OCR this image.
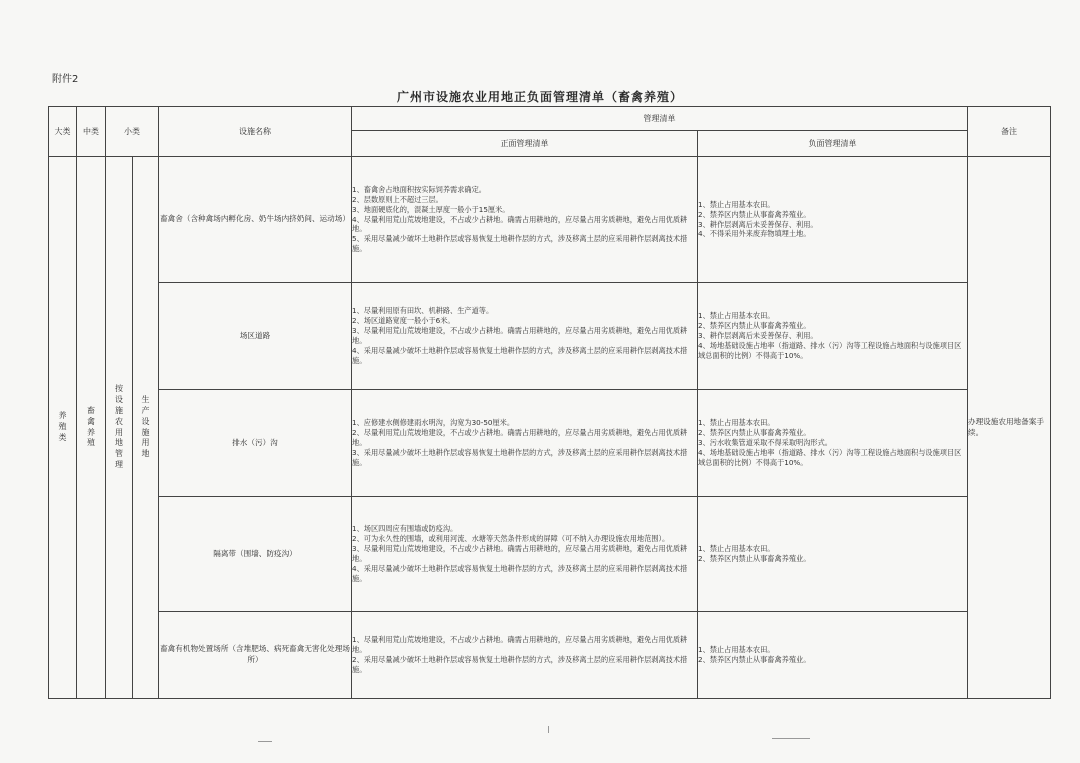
附件2
广州市设施农业用地正负面管理清单（畜禽养殖）
大类	中类	小类		设施名称	管理清单		备注
					正面管理清单	负面管理清单	
养殖类	畜禽养殖	按设施农用地管理	生产设施用地	畜禽舍（含种禽场内孵化房、奶牛场内挤奶间、运动场）	1、畜禽舍占地面积按实际饲养需求确定。
2、层数原则上不超过三层。
3、地面硬底化的，混凝土厚度一般小于15厘米。
4、尽量利用荒山荒坡地建设，不占或少占耕地。确需占用耕地的，应尽量占用劣质耕地，避免占用优质耕地。
5、采用尽量减少破坏土地耕作层或容易恢复土地耕作层的方式，涉及移离土层的应采用耕作层剥离技术措施。	1、禁止占用基本农田。
2、禁养区内禁止从事畜禽养殖业。
3、耕作层剥离后未妥善保存、利用。
4、不得采用外来废弃物填埋土地。	办理设施农用地备案手续。
				场区道路	1、尽量利用原有田坎、机耕路、生产道等。
2、场区道路宽度一般小于6米。
3、尽量利用荒山荒坡地建设，不占或少占耕地。确需占用耕地的，应尽量占用劣质耕地，避免占用优质耕地。
4、采用尽量减少破坏土地耕作层或容易恢复土地耕作层的方式，涉及移离土层的应采用耕作层剥离技术措施。	1、禁止占用基本农田。
2、禁养区内禁止从事畜禽养殖业。
3、耕作层剥离后未妥善保存、利用。
4、场地基础设施占地率（指道路、排水（污）沟等工程设施占地面积与设施项目区域总面积的比例）不得高于10%。	
				排水（污）沟	1、应修建水侧修建雨水明沟，沟宽为30-50厘米。
2、尽量利用荒山荒坡地建设，不占或少占耕地。确需占用耕地的，应尽量占用劣质耕地，避免占用优质耕地。
3、采用尽量减少破坏土地耕作层或容易恢复土地耕作层的方式，涉及移离土层的应采用耕作层剥离技术措施。	1、禁止占用基本农田。
2、禁养区内禁止从事畜禽养殖业。
3、污水收集管道采取不得采取明沟形式。
4、场地基础设施占地率（指道路、排水（污）沟等工程设施占地面积与设施项目区域总面积的比例）不得高于10%。	
				隔离带（围墙、防疫沟）	1、场区四周应有围墙或防疫沟。
2、可为永久性的围墙，或利用河流、水塘等天然条件形成的屏障（可不纳入办理设施农用地范围）。
3、尽量利用荒山荒坡地建设，不占或少占耕地。确需占用耕地的，应尽量占用劣质耕地，避免占用优质耕地。
4、采用尽量减少破坏土地耕作层或容易恢复土地耕作层的方式，涉及移离土层的应采用耕作层剥离技术措施。	1、禁止占用基本农田。
2、禁养区内禁止从事畜禽养殖业。	
				畜禽有机物处置场所（含堆肥场、病死畜禽无害化处理场所）	1、尽量利用荒山荒坡地建设，不占或少占耕地。确需占用耕地的，应尽量占用劣质耕地，避免占用优质耕地。
2、采用尽量减少破坏土地耕作层或容易恢复土地耕作层的方式，涉及移离土层的应采用耕作层剥离技术措施。	1、禁止占用基本农田。
2、禁养区内禁止从事畜禽养殖业。	
